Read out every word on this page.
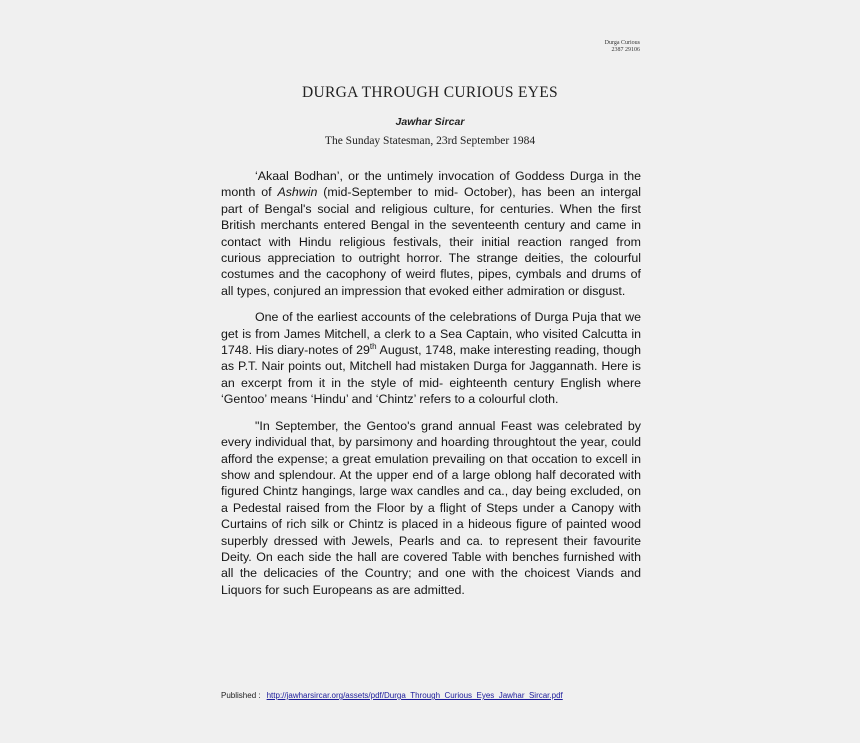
Durga Curious
2387 29106
DURGA THROUGH CURIOUS EYES
Jawhar Sircar
The Sunday Statesman, 23rd September 1984

‘Akaal Bodhan’, or the untimely invocation of Goddess Durga in the month of Ashwin (mid-September to mid- October), has been an intergal part of Bengal's social and religious culture, for centuries. When the first British merchants entered Bengal in the seventeenth century and came in contact with Hindu religious festivals, their initial reaction ranged from curious appreciation to outright horror. The strange deities, the colourful costumes and the cacophony of weird flutes, pipes, cymbals and drums of all types, conjured an impression that evoked either admiration or disgust.

One of the earliest accounts of the celebrations of Durga Puja that we get is from James Mitchell, a clerk to a Sea Captain, who visited Calcutta in 1748. His diary-notes of 29th August, 1748, make interesting reading, though as P.T. Nair points out, Mitchell had mistaken Durga for Jaggannath. Here is an excerpt from it in the style of mid- eighteenth century English where ‘Gentoo’ means ‘Hindu’ and ‘Chintz’ refers to a colourful cloth.

"In September, the Gentoo's grand annual Feast was celebrated by every individual that, by parsimony and hoarding throughtout the year, could afford the expense; a great emulation prevailing on that occation to excell in show and splendour. At the upper end of a large oblong half decorated with figured Chintz hangings, large wax candles and ca., day being excluded, on a Pedestal raised from the Floor by a flight of Steps under a Canopy with Curtains of rich silk or Chintz is placed in a hideous figure of painted wood superbly dressed with Jewels, Pearls and ca. to represent their favourite Deity. On each side the hall are covered Table with benches furnished with all the delicacies of the Country; and one with the choicest Viands and Liquors for such Europeans as are admitted.

Published : http://jawharsircar.org/assets/pdf/Durga_Through_Curious_Eyes_Jawhar_Sircar.pdf
